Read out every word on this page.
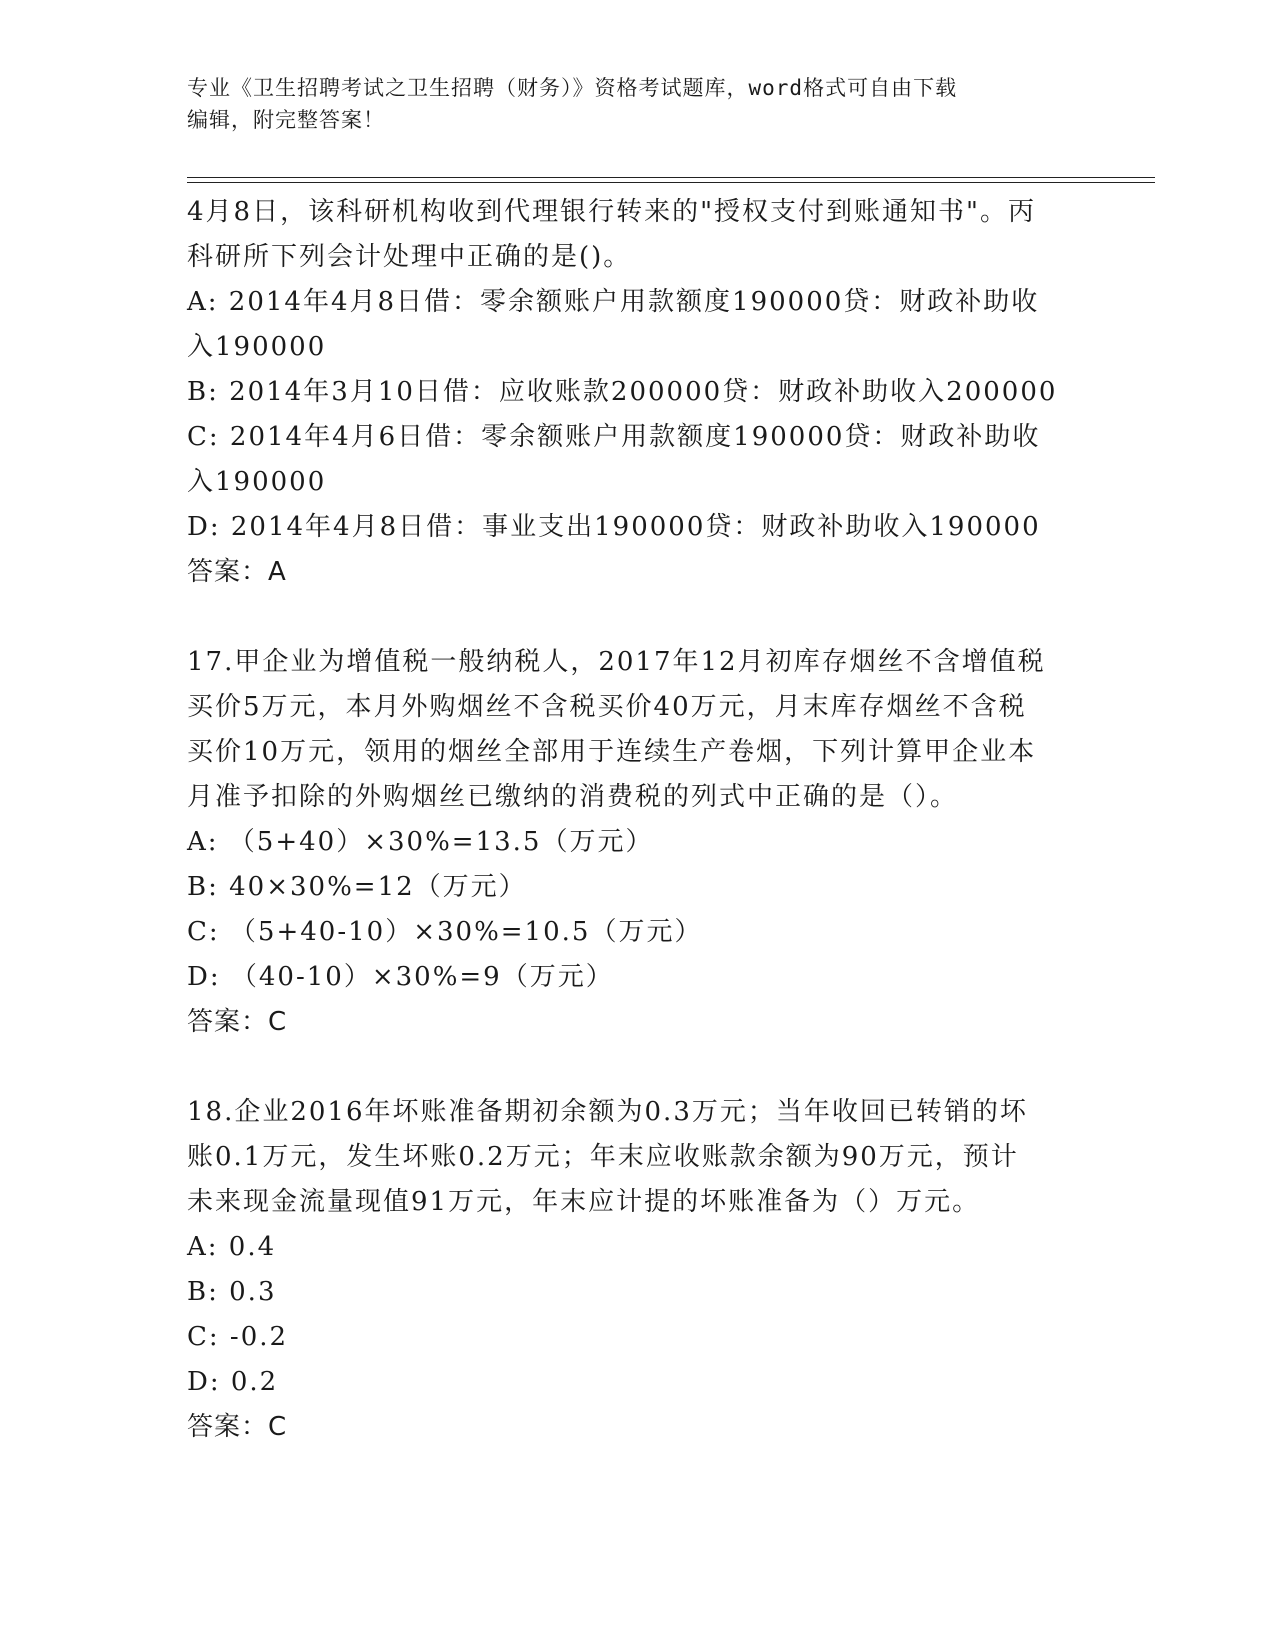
专业《卫生招聘考试之卫生招聘（财务）》资格考试题库，word格式可自由下载
编辑，附完整答案！

4月8日，该科研机构收到代理银行转来的"授权支付到账通知书"。丙

科研所下列会计处理中正确的是()。

A: 2014年4月8日借：零余额账户用款额度190000贷：财政补助收

入190000

B: 2014年3月10日借：应收账款200000贷：财政补助收入200000

C: 2014年4月6日借：零余额账户用款额度190000贷：财政补助收

入190000

D: 2014年4月8日借：事业支出190000贷：财政补助收入190000

答案：A

17.甲企业为增值税一般纳税人，2017年12月初库存烟丝不含增值税

买价5万元，本月外购烟丝不含税买价40万元，月末库存烟丝不含税

买价10万元，领用的烟丝全部用于连续生产卷烟，下列计算甲企业本

月准予扣除的外购烟丝已缴纳的消费税的列式中正确的是（）。

A: （5+40）×30%=13.5（万元）

B: 40×30%=12（万元）

C: （5+40-10）×30%=10.5（万元）

D: （40-10）×30%=9（万元）

答案：C

18.企业2016年坏账准备期初余额为0.3万元；当年收回已转销的坏

账0.1万元，发生坏账0.2万元；年末应收账款余额为90万元，预计

未来现金流量现值91万元，年末应计提的坏账准备为（）万元。

A: 0.4

B: 0.3

C: -0.2

D: 0.2

答案：C
